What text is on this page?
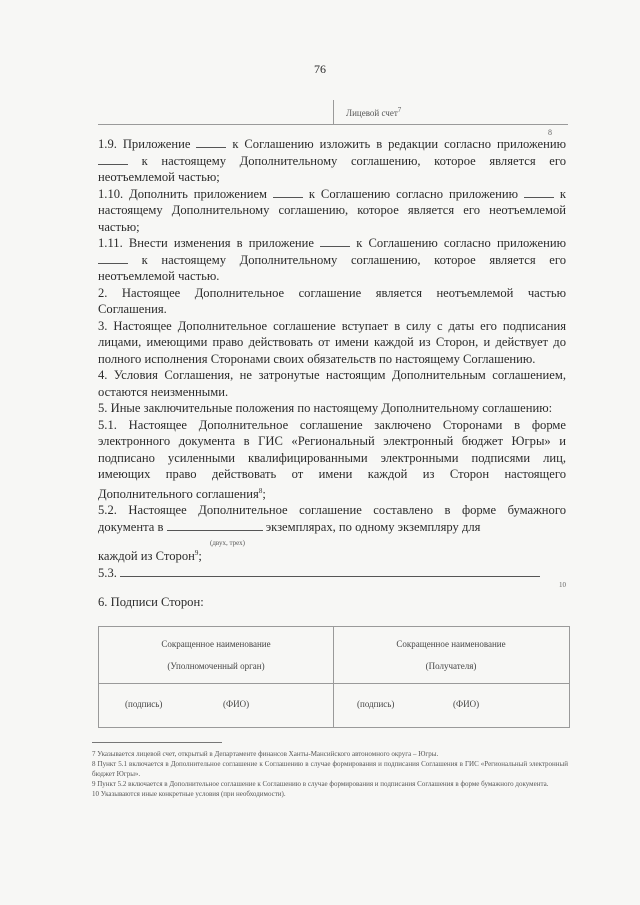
76
Лицевой счет$^7$
8

1.9. Приложение  к Соглашению изложить в редакции согласно приложению  к настоящему Дополнительному соглашению, которое является его неотъемлемой частью;

1.10. Дополнить приложением  к Соглашению согласно приложению  к настоящему Дополнительному соглашению, которое является его неотъемлемой частью;

1.11. Внести изменения в приложение  к Соглашению согласно приложению  к настоящему Дополнительному соглашению, которое является его неотъемлемой частью.

2. Настоящее Дополнительное соглашение является неотъемлемой частью Соглашения.

3. Настоящее Дополнительное соглашение вступает в силу с даты его подписания лицами, имеющими право действовать от имени каждой из Сторон, и действует до полного исполнения Сторонами своих обязательств по настоящему Соглашению.

4. Условия Соглашения, не затронутые настоящим Дополнительным соглашением, остаются неизменными.

5. Иные заключительные положения по настоящему Дополнительному соглашению:

5.1. Настоящее Дополнительное соглашение заключено Сторонами в форме электронного документа в ГИС «Региональный электронный бюджет Югры» и подписано усиленными квалифицированными электронными подписями лиц, имеющих право действовать от имени каждой из Сторон настоящего Дополнительного соглашения$^8$;

5.2. Настоящее Дополнительное соглашение составлено в форме бумажного документа в	экземплярах, по одному экземпляру для

(двух, трех)

каждой из Сторон$^9$;

5.3.

10

6. Подписи Сторон:

Сокращенное наименование
(Уполномоченный орган)
Сокращенное наименование
(Получателя)
(подпись)	(ФИО)	(подпись)	(ФИО)

7 Указывается лицевой счет, открытый в Департаменте финансов Ханты-Мансийского автономного округа – Югры.

8 Пункт 5.1 включается в Дополнительное соглашение к Соглашению в случае формирования и подписания Соглашения в ГИС «Региональный электронный бюджет Югры».

9 Пункт 5.2 включается в Дополнительное соглашение к Соглашению в случае формирования и подписания Соглашения в форме бумажного документа.

10 Указываются иные конкретные условия (при необходимости).
